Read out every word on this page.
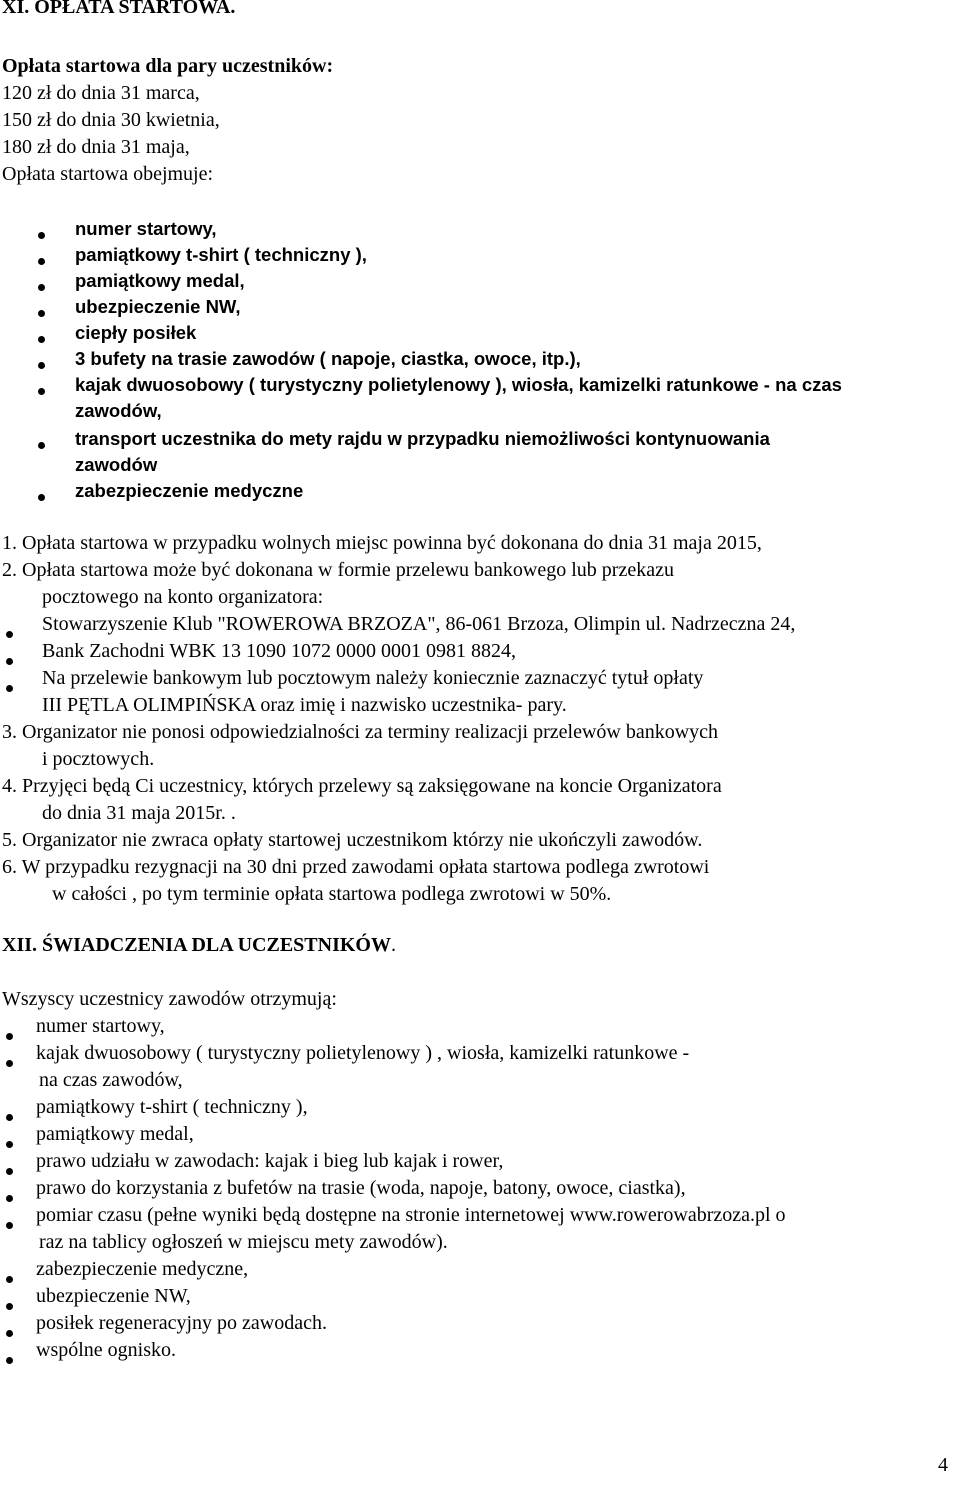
XI. OPŁATA STARTOWA.
Opłata startowa dla pary uczestników:
120 zł do dnia 31 marca,
150 zł do dnia 30 kwietnia,
180 zł do dnia 31 maja,
Opłata startowa obejmuje:
numer startowy,
pamiątkowy t-shirt ( techniczny ),
pamiątkowy medal,
ubezpieczenie NW,
ciepły posiłek
3 bufety na trasie zawodów ( napoje, ciastka, owoce, itp.),
kajak dwuosobowy ( turystyczny polietylenowy ), wiosła, kamizelki ratunkowe - na czas
zawodów,
transport uczestnika do mety rajdu w przypadku niemożliwości kontynuowania
zawodów
zabezpieczenie medyczne
1. Opłata startowa w przypadku wolnych miejsc powinna być dokonana do dnia 31 maja 2015,
2. Opłata startowa może być dokonana w formie przelewu bankowego lub przekazu
pocztowego na konto organizatora:
Stowarzyszenie Klub "ROWEROWA BRZOZA", 86-061 Brzoza, Olimpin ul. Nadrzeczna 24,
Bank Zachodni WBK 13 1090 1072 0000 0001 0981 8824,
Na przelewie bankowym lub pocztowym należy koniecznie zaznaczyć tytuł opłaty
III PĘTLA OLIMPIŃSKA oraz imię i nazwisko uczestnika- pary.
3. Organizator nie ponosi odpowiedzialności za terminy realizacji przelewów bankowych
i pocztowych.
4. Przyjęci będą Ci uczestnicy, których przelewy są zaksięgowane na koncie Organizatora
do dnia 31 maja 2015r. .
5. Organizator nie zwraca opłaty startowej uczestnikom którzy nie ukończyli zawodów.
6. W przypadku rezygnacji na 30 dni przed zawodami opłata startowa podlega zwrotowi
w całości , po tym terminie opłata startowa podlega zwrotowi w 50%.
XII. ŚWIADCZENIA DLA UCZESTNIKÓW.
Wszyscy uczestnicy zawodów otrzymują:
numer startowy,
kajak dwuosobowy ( turystyczny polietylenowy ) , wiosła, kamizelki ratunkowe -
na czas zawodów,
pamiątkowy t-shirt ( techniczny ),
pamiątkowy medal,
prawo udziału w zawodach: kajak i bieg lub kajak i rower,
prawo do korzystania z bufetów na trasie (woda, napoje, batony, owoce, ciastka),
pomiar czasu (pełne wyniki będą dostępne na stronie internetowej www.rowerowabrzoza.pl o
raz na tablicy ogłoszeń w miejscu mety zawodów).
zabezpieczenie medyczne,
ubezpieczenie NW,
posiłek regeneracyjny po zawodach.
wspólne ognisko.
4
